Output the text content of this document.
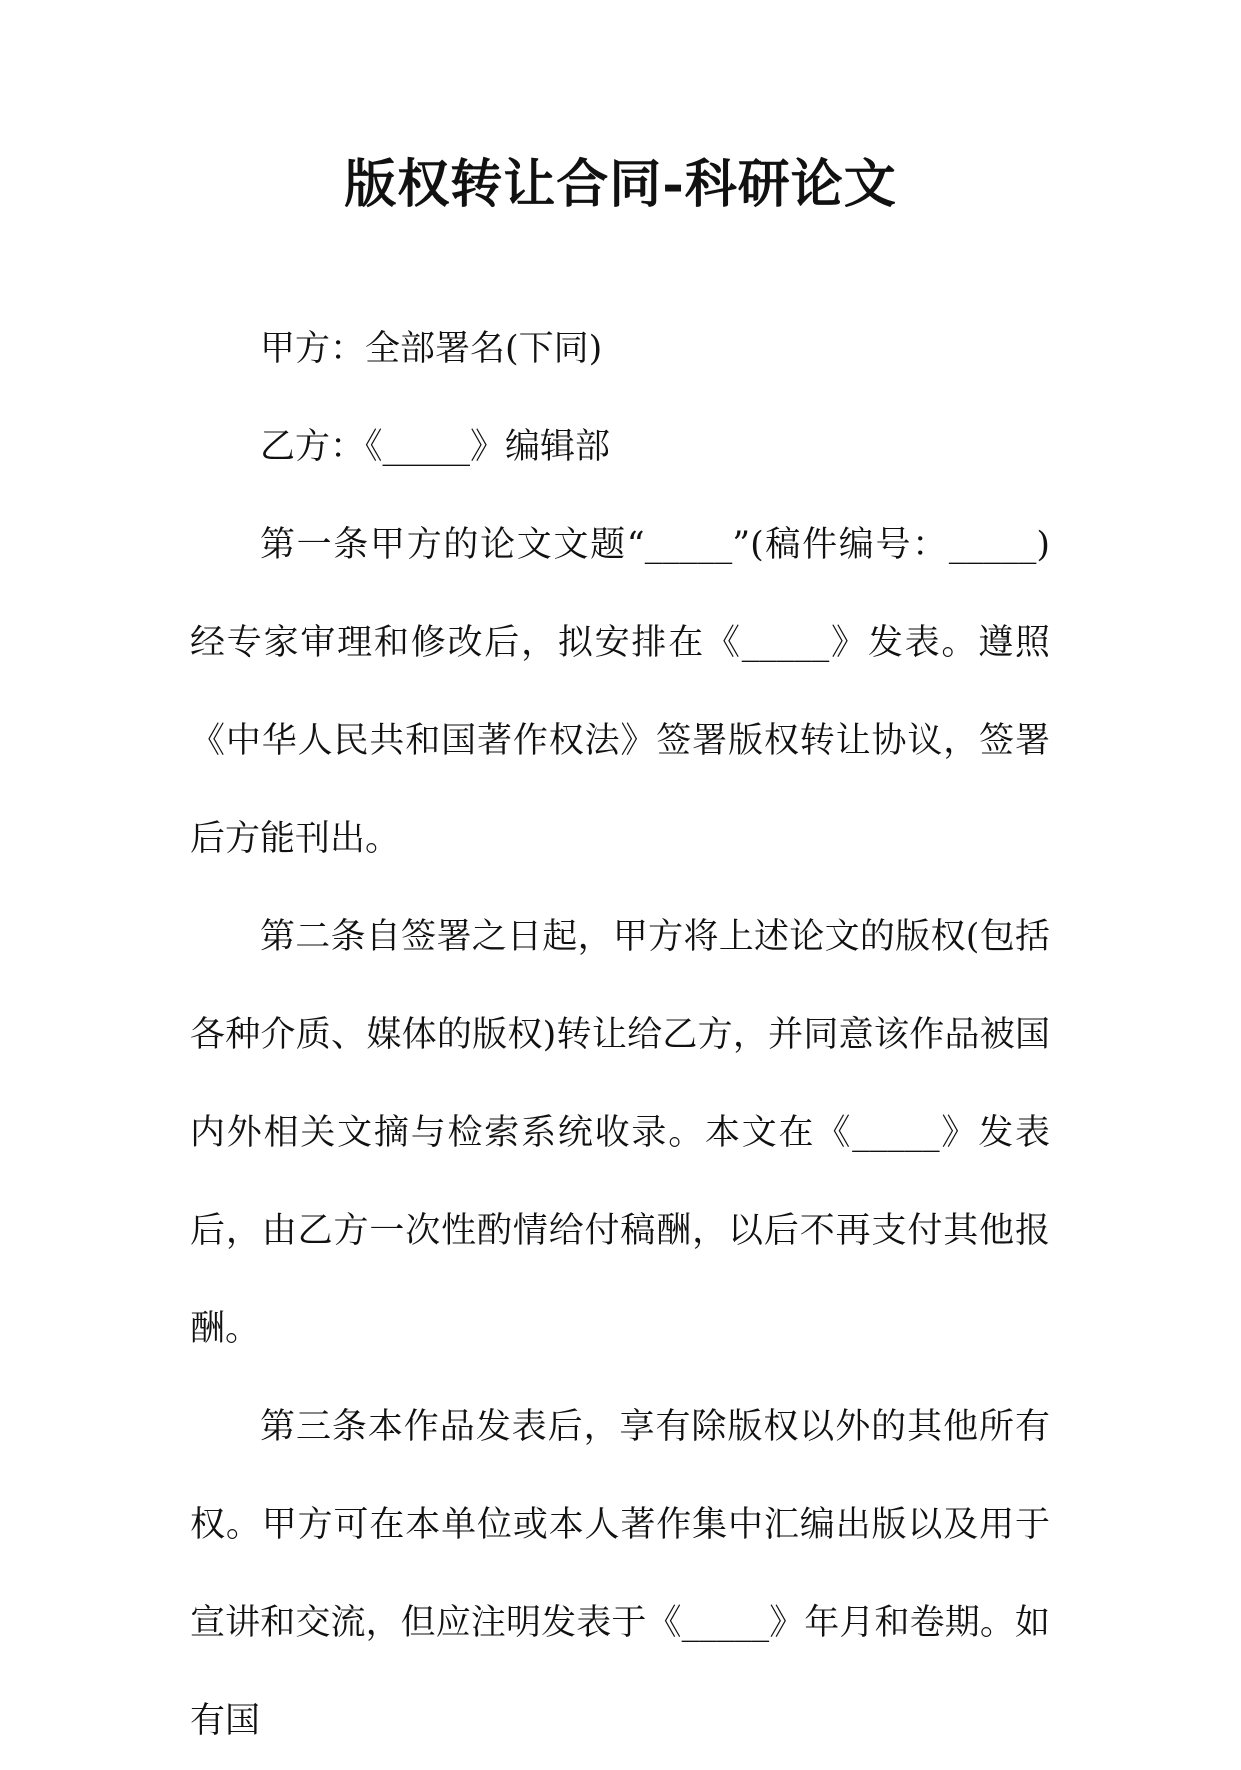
版权转让合同-科研论文

甲方：全部署名(下同)

乙方：《_____》编辑部

第一条甲方的论文文题“_____”(稿件编号：_____)经专家审理和修改后，拟安排在《_____》发表。遵照《中华人民共和国著作权法》签署版权转让协议，签署后方能刊出。

第二条自签署之日起，甲方将上述论文的版权(包括各种介质、媒体的版权)转让给乙方，并同意该作品被国内外相关文摘与检索系统收录。本文在《_____》发表后，由乙方一次性酌情给付稿酬，以后不再支付其他报酬。

第三条本作品发表后，享有除版权以外的其他所有权。甲方可在本单位或本人著作集中汇编出版以及用于宣讲和交流，但应注明发表于《_____》年月和卷期。如有国
